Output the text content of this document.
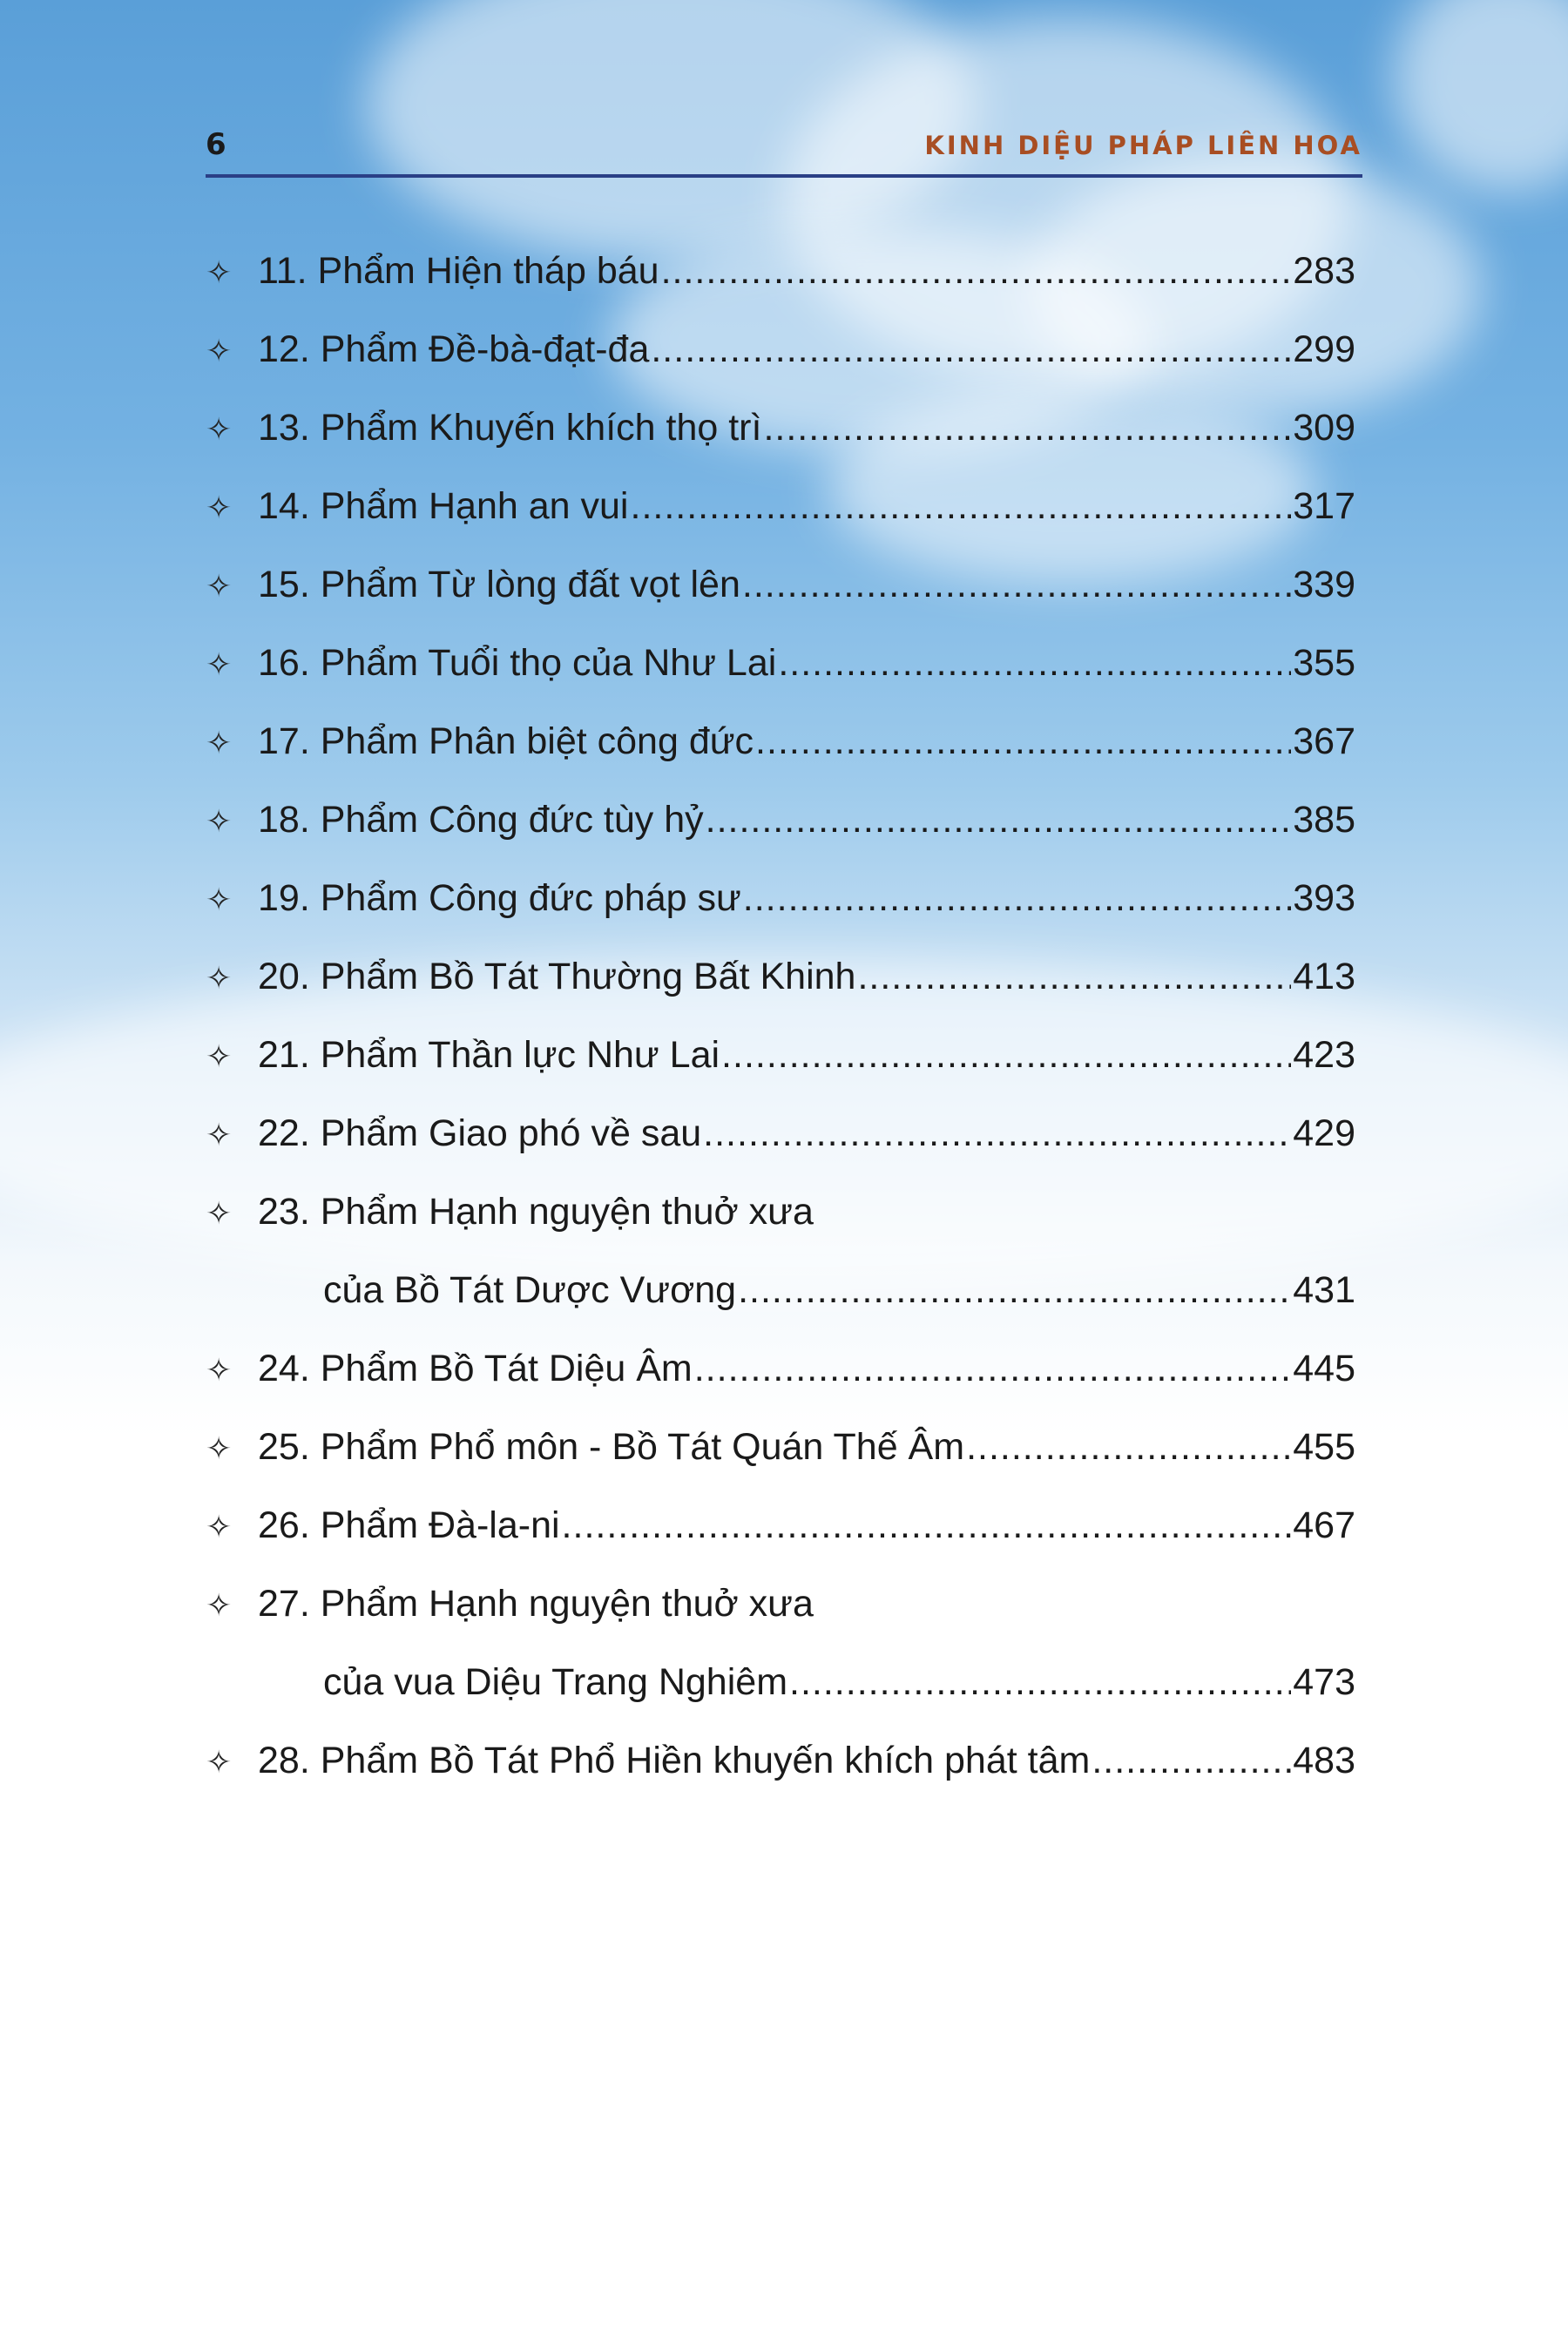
6	KINH DIỆU PHÁP LIÊN HOA
✧ 11. Phẩm Hiện tháp báu .....	283
✧ 12. Phẩm Đề-bà-đạt-đa .....	299
✧ 13. Phẩm Khuyến khích thọ trì .....	309
✧ 14. Phẩm Hạnh an vui .....	317
✧ 15. Phẩm Từ lòng đất vọt lên .....	339
✧ 16. Phẩm Tuổi thọ của Như Lai .....	355
✧ 17. Phẩm Phân biệt công đức .....	367
✧ 18. Phẩm Công đức tùy hỷ .....	385
✧ 19. Phẩm Công đức pháp sư .....	393
✧ 20. Phẩm Bồ Tát Thường Bất Khinh .....	413
✧ 21. Phẩm Thần lực Như Lai .....	423
✧ 22. Phẩm Giao phó về sau .....	429
✧ 23. Phẩm Hạnh nguyện thuở xưa
của Bồ Tát Dược Vương .....	431
✧ 24. Phẩm Bồ Tát Diệu Âm .....	445
✧ 25. Phẩm Phổ môn - Bồ Tát Quán Thế Âm .....	455
✧ 26. Phẩm Đà-la-ni .....	467
✧ 27. Phẩm Hạnh nguyện thuở xưa
của vua Diệu Trang Nghiêm .....	473
✧ 28. Phẩm Bồ Tát Phổ Hiền khuyến khích phát tâm .....	483
